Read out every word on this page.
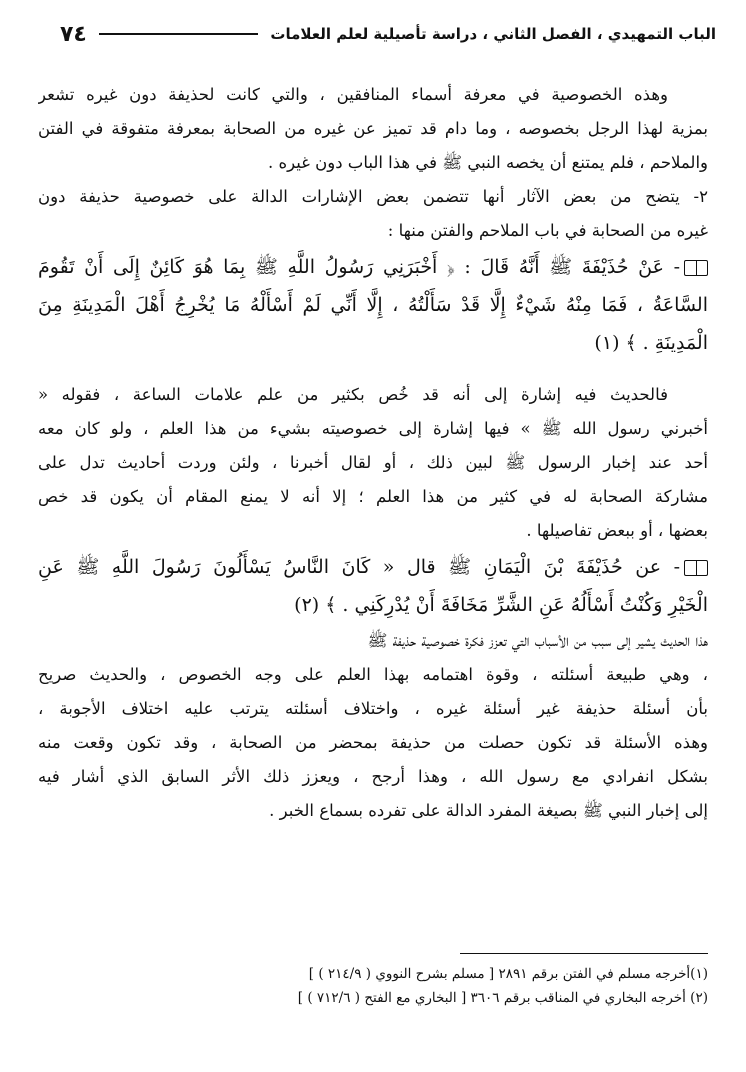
الباب التمهيدي ، الفصل الثاني ، دراسة تأصيلية لعلم العلامات
٧٤
وهذه الخصوصية في معرفة أسماء المنافقين ، والتي كانت لحذيفة دون غيره تشعر
بمزية لهذا الرجل بخصوصه ، وما دام قد تميز عن غيره من الصحابة بمعرفة متفوقة في الفتن
والملاحم ، فلم يمتنع أن يخصه النبي ﷺ في هذا الباب دون غيره .
٢- يتضح من بعض الآثار أنها تتضمن بعض الإشارات الدالة على خصوصية حذيفة دون
غيره من الصحابة في باب الملاحم والفتن منها :
- عَنْ حُذَيْفَةَ ﷺ أَنَّهُ قَالَ : ﴿ أَخْبَرَنِي رَسُولُ اللَّهِ ﷺ بِمَا هُوَ كَائِنٌ إِلَى أَنْ تَقُومَ
السَّاعَةُ ، فَمَا مِنْهُ شَيْءٌ إِلَّا قَدْ سَأَلْتُهُ ، إِلَّا أَنِّي لَمْ أَسْأَلْهُ مَا يُخْرِجُ أَهْلَ الْمَدِينَةِ مِنَ
الْمَدِينَةِ . ﴾ (١)
فالحديث فيه إشارة إلى أنه قد خُص بكثير من علم علامات الساعة ، فقوله «
أخبرني رسول الله ﷺ » فيها إشارة إلى خصوصيته بشيء من هذا العلم ، ولو كان معه
أحد عند إخبار الرسول ﷺ لبين ذلك ، أو لقال أخبرنا ، ولئن وردت أحاديث تدل على
مشاركة الصحابة له في كثير من هذا العلم ؛ إلا أنه لا يمنع المقام أن يكون قد خص
بعضها ، أو ببعض تفاصيلها .
- عن حُذَيْفَةَ بْنَ الْيَمَانِ ﷺ قال « كَانَ النَّاسُ يَسْأَلُونَ رَسُولَ اللَّهِ ﷺ عَنِ
الْخَيْرِ وَكُنْتُ أَسْأَلُهُ عَنِ الشَّرِّ مَخَافَةَ أَنْ يُدْرِكَنِي . ﴾ (٢)
هذا الحديث يشير إلى سبب من الأسباب التي تعزز فكرة خصوصية حذيفة ﷺ
، وهي طبيعة أسئلته ، وقوة اهتمامه بهذا العلم على وجه الخصوص ، والحديث صريح
بأن أسئلة حذيفة غير أسئلة غيره ، واختلاف أسئلته يترتب عليه اختلاف الأجوبة ،
وهذه الأسئلة قد تكون حصلت من حذيفة بمحضر من الصحابة ، وقد تكون وقعت منه
بشكل انفرادي مع رسول الله ، وهذا أرجح ، ويعزز ذلك الأثر السابق الذي أشار فيه
إلى إخبار النبي ﷺ بصيغة المفرد الدالة على تفرده بسماع الخبر .
(١)أخرجه مسلم في الفتن برقم ٢٨٩١ [ مسلم بشرح النووي ( ٢١٤/٩ ) ]
(٢) أخرجه البخاري في المناقب برقم ٣٦٠٦ [ البخاري مع الفتح ( ٧١٢/٦ ) ]
